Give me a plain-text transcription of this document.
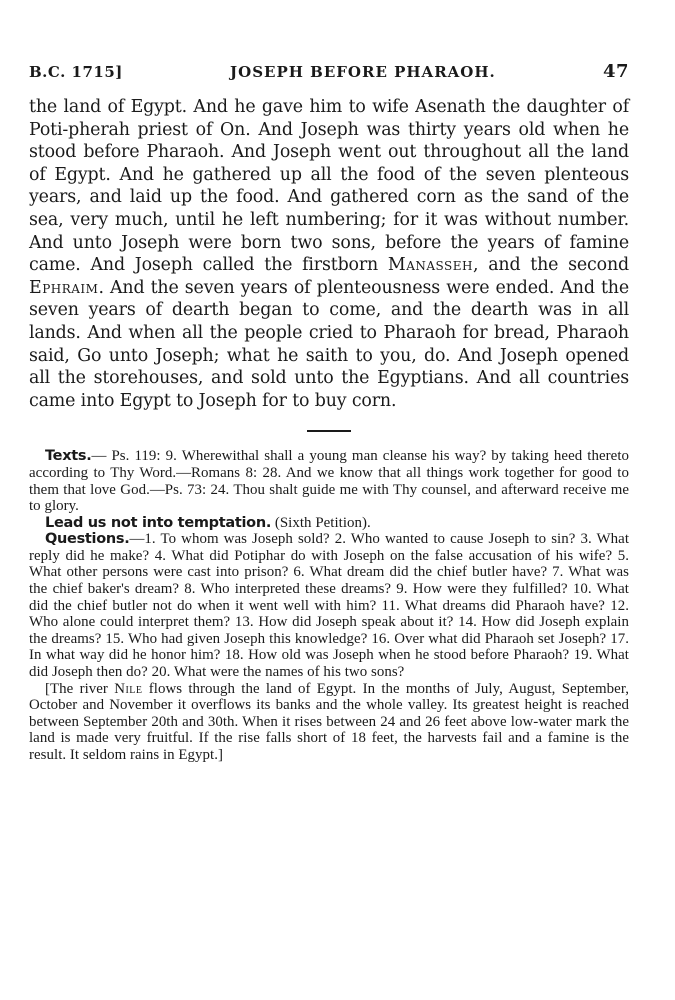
B.C. 1715]	JOSEPH BEFORE PHARAOH.	47
the land of Egypt. And he gave him to wife Asenath the daughter of Poti-pherah priest of On. And Joseph was thirty years old when he stood before Pharaoh. And Joseph went out throughout all the land of Egypt. And he gathered up all the food of the seven plenteous years, and laid up the food. And gathered corn as the sand of the sea, very much, until he left numbering; for it was without number. And unto Joseph were born two sons, before the years of famine came. And Joseph called the firstborn Manasseh, and the second Ephraim. And the seven years of plenteousness were ended. And the seven years of dearth began to come, and the dearth was in all lands. And when all the people cried to Pharaoh for bread, Pharaoh said, Go unto Joseph; what he saith to you, do. And Joseph opened all the storehouses, and sold unto the Egyptians. And all countries came into Egypt to Joseph for to buy corn.

Texts.— Ps. 119: 9. Wherewithal shall a young man cleanse his way? by taking heed thereto according to Thy Word.—Romans 8: 28. And we know that all things work together for good to them that love God.—Ps. 73: 24. Thou shalt guide me with Thy counsel, and afterward receive me to glory.

Lead us not into temptation. (Sixth Petition).

Questions.—1. To whom was Joseph sold? 2. Who wanted to cause Joseph to sin? 3. What reply did he make? 4. What did Potiphar do with Joseph on the false accusation of his wife? 5. What other persons were cast into prison? 6. What dream did the chief butler have? 7. What was the chief baker's dream? 8. Who interpreted these dreams? 9. How were they fulfilled? 10. What did the chief butler not do when it went well with him? 11. What dreams did Pharaoh have? 12. Who alone could interpret them? 13. How did Joseph speak about it? 14. How did Joseph explain the dreams? 15. Who had given Joseph this knowledge? 16. Over what did Pharaoh set Joseph? 17. In what way did he honor him? 18. How old was Joseph when he stood before Pharaoh? 19. What did Joseph then do? 20. What were the names of his two sons?

[The river Nile flows through the land of Egypt. In the months of July, August, September, October and November it overflows its banks and the whole valley. Its greatest height is reached between September 20th and 30th. When it rises between 24 and 26 feet above low-water mark the land is made very fruitful. If the rise falls short of 18 feet, the harvests fail and a famine is the result. It seldom rains in Egypt.]
